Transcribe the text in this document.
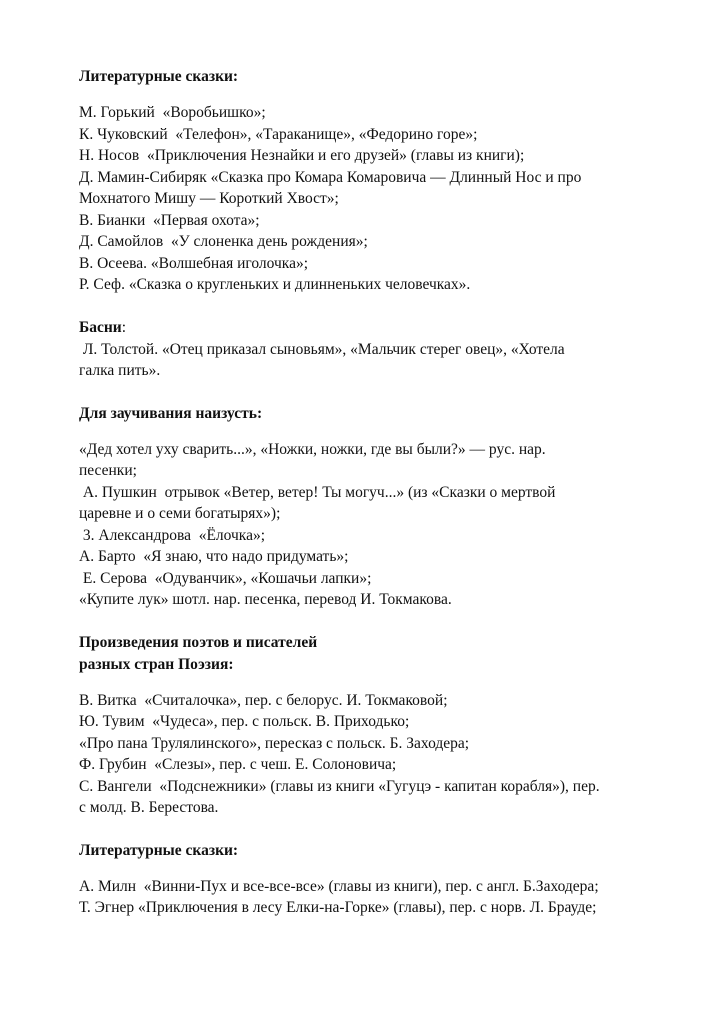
Литературные сказки:

М. Горький  «Воробьишко»;
К. Чуковский  «Телефон», «Тараканище», «Федорино горе»;
Н. Носов  «Приключения Незнайки и его друзей» (главы из книги);
Д. Мамин-Сибиряк «Сказка про Комара Комаровича — Длинный Нос и про
Мохнатого Мишу — Короткий Хвост»;
В. Бианки  «Первая охота»;
Д. Самойлов  «У слоненка день рождения»;
В. Осеева. «Волшебная иголочка»;
Р. Сеф. «Сказка о кругленьких и длинненьких человечках».

Басни:

Л. Толстой. «Отец приказал сыновьям», «Мальчик стерег овец», «Хотела
галка пить».

Для заучивания наизусть:

«Дед хотел уху сварить...», «Ножки, ножки, где вы были?» — рус. нар.
песенки;
А. Пушкин  отрывок «Ветер, ветер! Ты могуч...» (из «Сказки о мертвой
царевне и о семи богатырях»);
3. Александрова  «Ёлочка»;
А. Барто  «Я знаю, что надо придумать»;
Е. Серова  «Одуванчик», «Кошачьи лапки»;
«Купите лук» шотл. нар. песенка, перевод И. Токмакова.

Произведения поэтов и писателей
разных стран Поэзия:

В. Витка  «Считалочка», пер. с белорус. И. Токмаковой;
Ю. Тувим  «Чудеса», пер. с польск. В. Приходько;
«Про пана Трулялинского», пересказ с польск. Б. Заходера;
Ф. Грубин  «Слезы», пер. с чеш. Е. Солоновича;
С. Вангели  «Подснежники» (главы из книги «Гугуцэ - капитан корабля»), пер.
с молд. В. Берестова.

Литературные сказки:

А. Милн  «Винни-Пух и все-все-все» (главы из книги), пер. с англ. Б.Заходера;
Т. Эгнер «Приключения в лесу Елки-на-Горке» (главы), пер. с норв. Л. Брауде;
